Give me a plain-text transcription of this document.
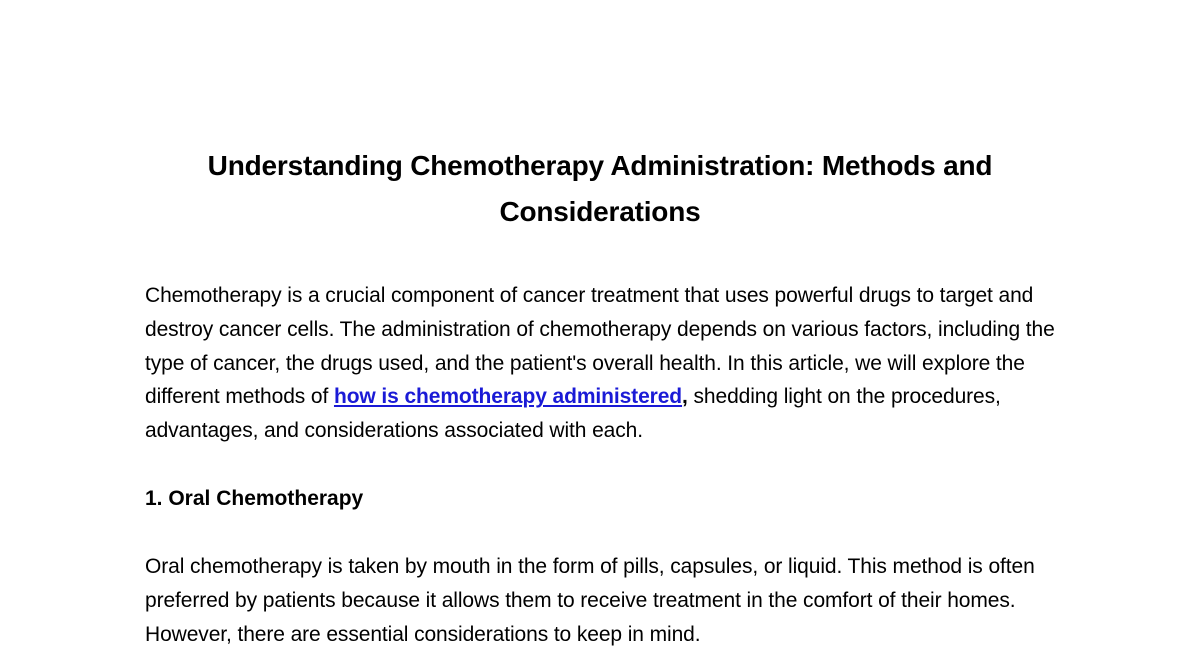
Understanding Chemotherapy Administration: Methods and Considerations

Chemotherapy is a crucial component of cancer treatment that uses powerful drugs to target and destroy cancer cells. The administration of chemotherapy depends on various factors, including the type of cancer, the drugs used, and the patient's overall health. In this article, we will explore the different methods of how is chemotherapy administered, shedding light on the procedures, advantages, and considerations associated with each.

1. Oral Chemotherapy

Oral chemotherapy is taken by mouth in the form of pills, capsules, or liquid. This method is often preferred by patients because it allows them to receive treatment in the comfort of their homes. However, there are essential considerations to keep in mind.
